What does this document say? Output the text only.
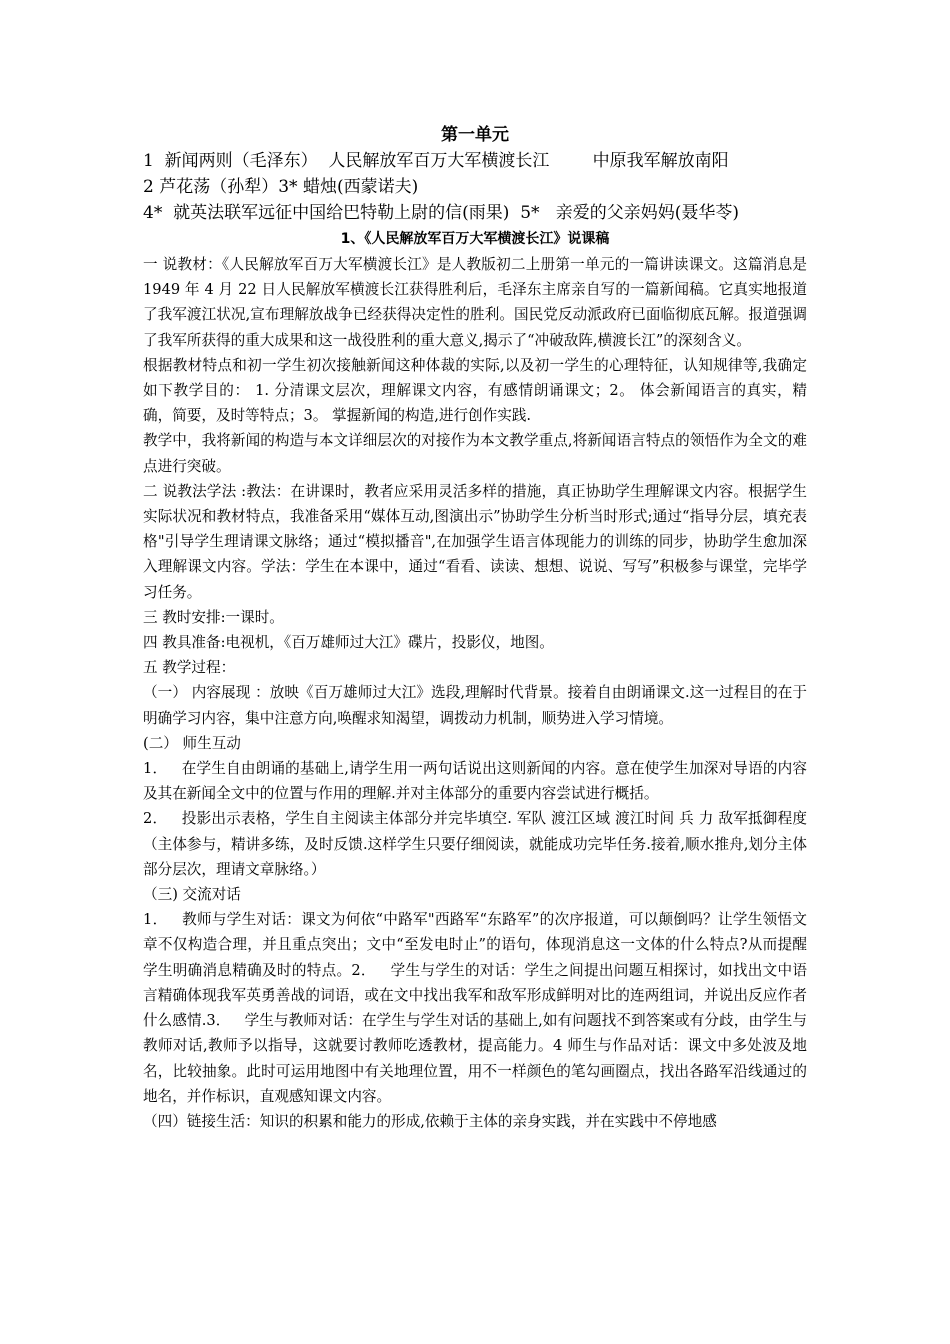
第一单元
1  新闻两则（毛泽东）  人民解放军百万大军横渡长江        中原我军解放南阳
2 芦花荡（孙犁）3* 蜡烛(西蒙诺夫)
4*  就英法联军远征中国给巴特勒上尉的信(雨果)  5*   亲爱的父亲妈妈(聂华苓)
1、《人民解放军百万大军横渡长江》说课稿

一 说教材：《人民解放军百万大军横渡长江》是人教版初二上册第一单元的一篇讲读课文。这篇消息是 1949 年 4 月 22 日人民解放军横渡长江获得胜利后，毛泽东主席亲自写的一篇新闻稿。它真实地报道了我军渡江状况,宣布理解放战争已经获得决定性的胜利。国民党反动派政府已面临彻底瓦解。报道强调了我军所获得的重大成果和这一战役胜利的重大意义,揭示了“冲破敌阵,横渡长江”的深刻含义。

根据教材特点和初一学生初次接触新闻这种体裁的实际,以及初一学生的心理特征，认知规律等,我确定如下教学目的： 1. 分清课文层次，理解课文内容，有感情朗诵课文；2。 体会新闻语言的真实，精确，简要，及时等特点；3。 掌握新闻的构造,进行创作实践.

教学中，我将新闻的构造与本文详细层次的对接作为本文教学重点,将新闻语言特点的领悟作为全文的难点进行突破。

二 说教法学法 :教法：在讲课时，教者应采用灵活多样的措施，真正协助学生理解课文内容。根据学生实际状况和教材特点，我准备采用“媒体互动,图演出示”协助学生分析当时形式;通过“指导分层，填充表格"引导学生理请课文脉络；通过“模拟播音",在加强学生语言体现能力的训练的同步，协助学生愈加深入理解课文内容。学法：学生在本课中，通过“看看、读读、想想、说说、写写”积极参与课堂，完毕学习任务。

三 教时安排:一课时。

四 教具准备:电视机，《百万雄师过大江》碟片，投影仪，地图。

五 教学过程：

（一） 内容展现 ：放映《百万雄师过大江》选段,理解时代背景。接着自由朗诵课文.这一过程目的在于明确学习内容，集中注意方向,唤醒求知渴望，调拨动力机制，顺势进入学习情境。

(二） 师生互动

1．   在学生自由朗诵的基础上,请学生用一两句话说出这则新闻的内容。意在使学生加深对导语的内容及其在新闻全文中的位置与作用的理解.并对主体部分的重要内容尝试进行概括。

2．   投影出示表格，学生自主阅读主体部分并完毕填空. 军队 渡江区域 渡江时间 兵 力 敌军抵御程度 （主体参与，精讲多练，及时反馈.这样学生只要仔细阅读，就能成功完毕任务.接着,顺水推舟,划分主体部分层次，理请文章脉络。）

（三) 交流对话

1．   教师与学生对话：课文为何依“中路军"西路军“东路军”的次序报道，可以颠倒吗？让学生领悟文章不仅构造合理，并且重点突出；文中“至发电时止”的语句，体现消息这一文体的什么特点?从而提醒学生明确消息精确及时的特点。2．   学生与学生的对话：学生之间提出问题互相探讨，如找出文中语言精确体现我军英勇善战的词语，或在文中找出我军和敌军形成鲜明对比的连两组词，并说出反应作者什么感情.3．   学生与教师对话：在学生与学生对话的基础上,如有问题找不到答案或有分歧，由学生与教师对话,教师予以指导，这就要讨教师吃透教材，提高能力。4 师生与作品对话：课文中多处波及地名，比较抽象。此时可运用地图中有关地理位置，用不一样颜色的笔勾画圈点，找出各路军沿线通过的地名，并作标识，直观感知课文内容。

（四）链接生活：知识的积累和能力的形成,依赖于主体的亲身实践，并在实践中不停地感
